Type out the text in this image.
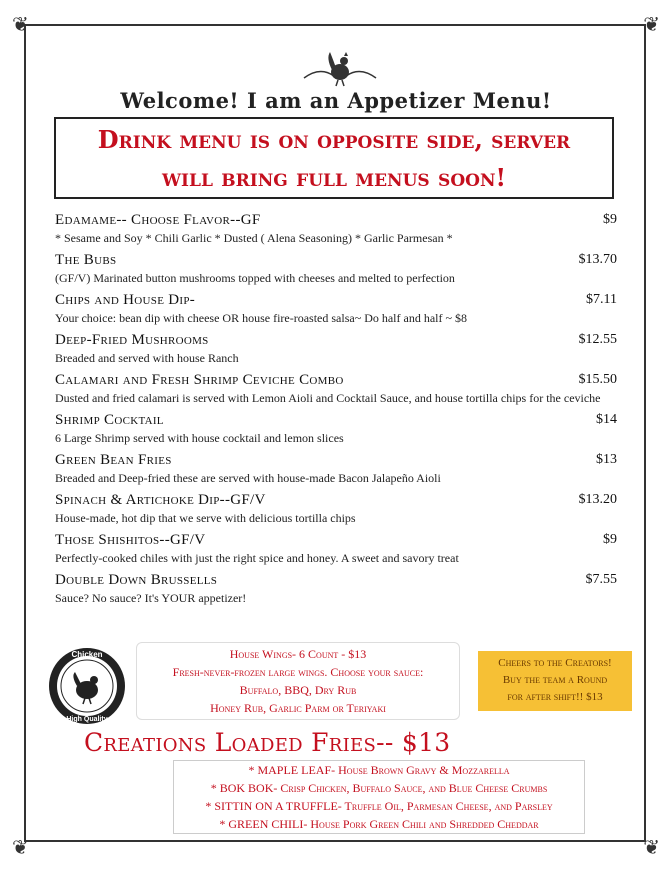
❦	❦
❦	❦
Welcome! I am an Appetizer Menu!
Drink menu is on opposite side, server
will bring full menus soon!
Edamame-- Choose Flavor--GF	$9
* Sesame and Soy * Chili Garlic * Dusted ( Alena Seasoning) * Garlic Parmesan *
The Bubs	$13.70
(GF/V) Marinated button mushrooms topped with cheeses and melted to perfection
Chips and House Dip-	$7.11
Your choice: bean dip with cheese OR house fire-roasted salsa~ Do half and half ~ $8
Deep-Fried Mushrooms	$12.55
Breaded and served with house Ranch
Calamari and Fresh Shrimp Ceviche Combo	$15.50
Dusted and fried calamari is served with Lemon Aioli and Cocktail Sauce, and house tortilla chips for the ceviche
Shrimp Cocktail	$14
6 Large Shrimp served with house cocktail and lemon slices
Green Bean Fries	$13
Breaded and Deep-fried these are served with house-made Bacon Jalapeño Aioli
Spinach & Artichoke Dip--GF/V	$13.20
House-made, hot dip that we serve with delicious tortilla chips
Those Shishitos--GF/V	$9
Perfectly-cooked chiles with just the right spice and honey. A sweet and savory treat
Double Down Brussells	$7.55
Sauce? No sauce? It's YOUR appetizer!
Chicken
High Quality
House Wings- 6 Count - $13
Fresh-never-frozen large wings. Choose your sauce:
Buffalo, BBQ, Dry Rub
Honey Rub, Garlic Parm or Teriyaki
Cheers to the Creators!
Buy the team a Round
for after shift!! $13
Creations Loaded Fries-- $13
* MAPLE LEAF- House Brown Gravy & Mozzarella
* BOK BOK- Crisp Chicken, Buffalo Sauce, and Blue Cheese Crumbs
* SITTIN ON A TRUFFLE- Truffle Oil, Parmesan Cheese, and Parsley
* GREEN CHILI- House Pork Green Chili and Shredded Cheddar
